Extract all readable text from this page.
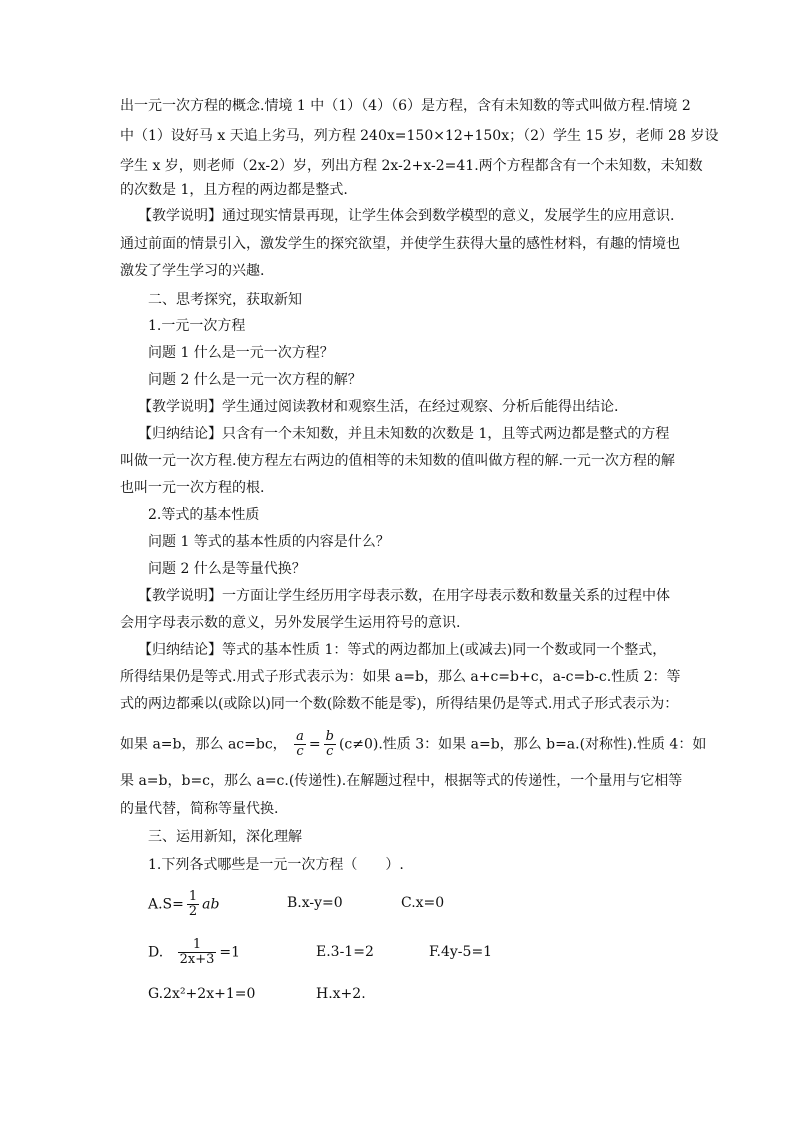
出一元一次方程的概念.情境 1 中（1）（4）（6）是方程，含有未知数的等式叫做方程.情境 2
中（1）设好马 x 天追上劣马，列方程 240x=150×12+150x；（2）学生 15 岁，老师 28 岁设
学生 x 岁，则老师（2x-2）岁，列出方程 2x-2+x-2=41.两个方程都含有一个未知数，未知数
的次数是 1，且方程的两边都是整式.
【教学说明】通过现实情景再现，让学生体会到数学模型的意义，发展学生的应用意识.
通过前面的情景引入，激发学生的探究欲望，并使学生获得大量的感性材料，有趣的情境也
激发了学生学习的兴趣.
二、思考探究，获取新知
1.一元一次方程
问题 1 什么是一元一次方程？
问题 2 什么是一元一次方程的解？
【教学说明】学生通过阅读教材和观察生活，在经过观察、分析后能得出结论.
【归纳结论】只含有一个未知数，并且未知数的次数是 1，且等式两边都是整式的方程
叫做一元一次方程.使方程左右两边的值相等的未知数的值叫做方程的解.一元一次方程的解
也叫一元一次方程的根.
2.等式的基本性质
问题 1 等式的基本性质的内容是什么？
问题 2 什么是等量代换？
【教学说明】一方面让学生经历用字母表示数，在用字母表示数和数量关系的过程中体
会用字母表示数的意义，另外发展学生运用符号的意识.
【归纳结论】等式的基本性质 1：等式的两边都加上(或减去)同一个数或同一个整式，
所得结果仍是等式.用式子形式表示为：如果 a=b，那么 a+c=b+c，a-c=b-c.性质 2：等
式的两边都乘以(或除以)同一个数(除数不能是零)，所得结果仍是等式.用式子形式表示为：
如果 a=b，那么 ac=bc， $\frac{a}{c} = \frac{b}{c} (c\ne 0)$.性质 3：如果 a=b，那么 b=a.(对称性).性质 4：如
果 a=b，b=c，那么 a=c.(传递性).在解题过程中，根据等式的传递性，一个量用与它相等
的量代替，简称等量代换.
三、运用新知，深化理解
1.下列各式哪些是一元一次方程（　　）.
$A.S= \frac{1}{2}$ ab	B.x-y=0	C.x=0
D. $\frac{1}{2x+3} =1$	E.3-1=2	F.4y-5=1
G.2x²+2x+1=0	H.x+2.
